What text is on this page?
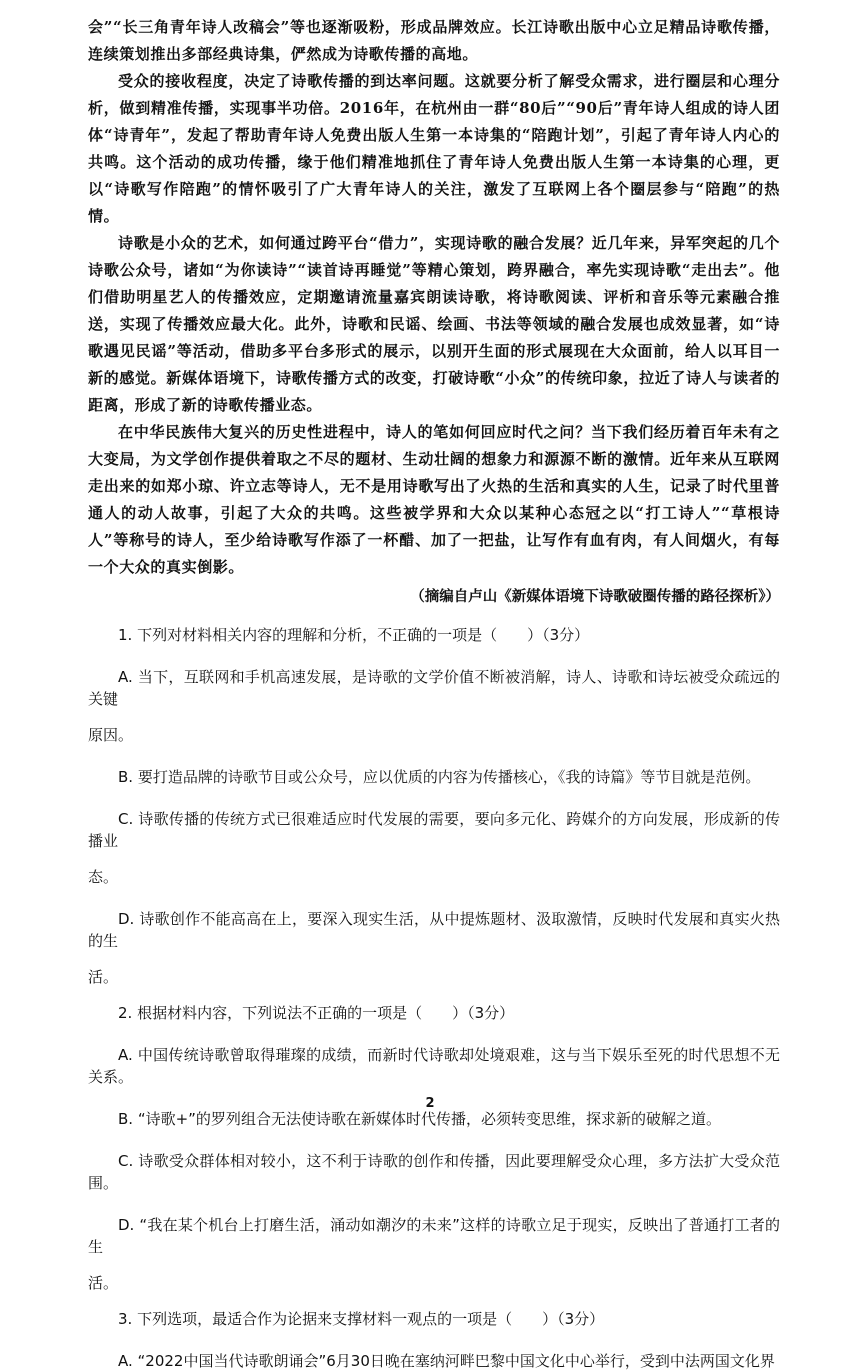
会”“长三角青年诗人改稿会”等也逐渐吸粉，形成品牌效应。长江诗歌出版中心立足精品诗歌传播，连续策划推出多部经典诗集，俨然成为诗歌传播的高地。

受众的接收程度，决定了诗歌传播的到达率问题。这就要分析了解受众需求，进行圈层和心理分析，做到精准传播，实现事半功倍。2016年，在杭州由一群“80后”“90后”青年诗人组成的诗人团体“诗青年”，发起了帮助青年诗人免费出版人生第一本诗集的“陪跑计划”，引起了青年诗人内心的共鸣。这个活动的成功传播，缘于他们精准地抓住了青年诗人免费出版人生第一本诗集的心理，更以“诗歌写作陪跑”的情怀吸引了广大青年诗人的关注，激发了互联网上各个圈层参与“陪跑”的热情。

诗歌是小众的艺术，如何通过跨平台“借力”，实现诗歌的融合发展？近几年来，异军突起的几个诗歌公众号，诸如“为你读诗”“读首诗再睡觉”等精心策划，跨界融合，率先实现诗歌“走出去”。他们借助明星艺人的传播效应，定期邀请流量嘉宾朗读诗歌，将诗歌阅读、评析和音乐等元素融合推送，实现了传播效应最大化。此外，诗歌和民谣、绘画、书法等领域的融合发展也成效显著，如“诗歌遇见民谣”等活动，借助多平台多形式的展示，以别开生面的形式展现在大众面前，给人以耳目一新的感觉。新媒体语境下，诗歌传播方式的改变，打破诗歌“小众”的传统印象，拉近了诗人与读者的距离，形成了新的诗歌传播业态。

在中华民族伟大复兴的历史性进程中，诗人的笔如何回应时代之问？当下我们经历着百年未有之大变局，为文学创作提供着取之不尽的题材、生动壮阔的想象力和源源不断的激情。近年来从互联网走出来的如郑小琼、许立志等诗人，无不是用诗歌写出了火热的生活和真实的人生，记录了时代里普通人的动人故事，引起了大众的共鸣。这些被学界和大众以某种心态冠之以“打工诗人”“草根诗人”等称号的诗人，至少给诗歌写作添了一杯醋、加了一把盐，让写作有血有肉，有人间烟火，有每一个大众的真实倒影。

（摘编自卢山《新媒体语境下诗歌破圈传播的路径探析》）

1. 下列对材料相关内容的理解和分析，不正确的一项是（　　）（3分）

A. 当下，互联网和手机高速发展，是诗歌的文学价值不断被消解，诗人、诗歌和诗坛被受众疏远的关键

原因。

B. 要打造品牌的诗歌节目或公众号，应以优质的内容为传播核心，《我的诗篇》等节目就是范例。

C. 诗歌传播的传统方式已很难适应时代发展的需要，要向多元化、跨媒介的方向发展，形成新的传播业

态。

D. 诗歌创作不能高高在上，要深入现实生活，从中提炼题材、汲取激情，反映时代发展和真实火热的生

活。

2. 根据材料内容，下列说法不正确的一项是（　　）（3分）

A. 中国传统诗歌曾取得璀璨的成绩，而新时代诗歌却处境艰难，这与当下娱乐至死的时代思想不无关系。

B. “诗歌+”的罗列组合无法使诗歌在新媒体时代传播，必须转变思维，探求新的破解之道。

C. 诗歌受众群体相对较小，这不利于诗歌的创作和传播，因此要理解受众心理，多方法扩大受众范围。

D. “我在某个机台上打磨生活，涌动如潮汐的未来”这样的诗歌立足于现实，反映出了普通打工者的生

活。

3. 下列选项，最适合作为论据来支撑材料一观点的一项是（　　）（3分）

A. “2022中国当代诗歌朗诵会”6月30日晚在塞纳河畔巴黎中国文化中心举行，受到中法两国文化界

2
